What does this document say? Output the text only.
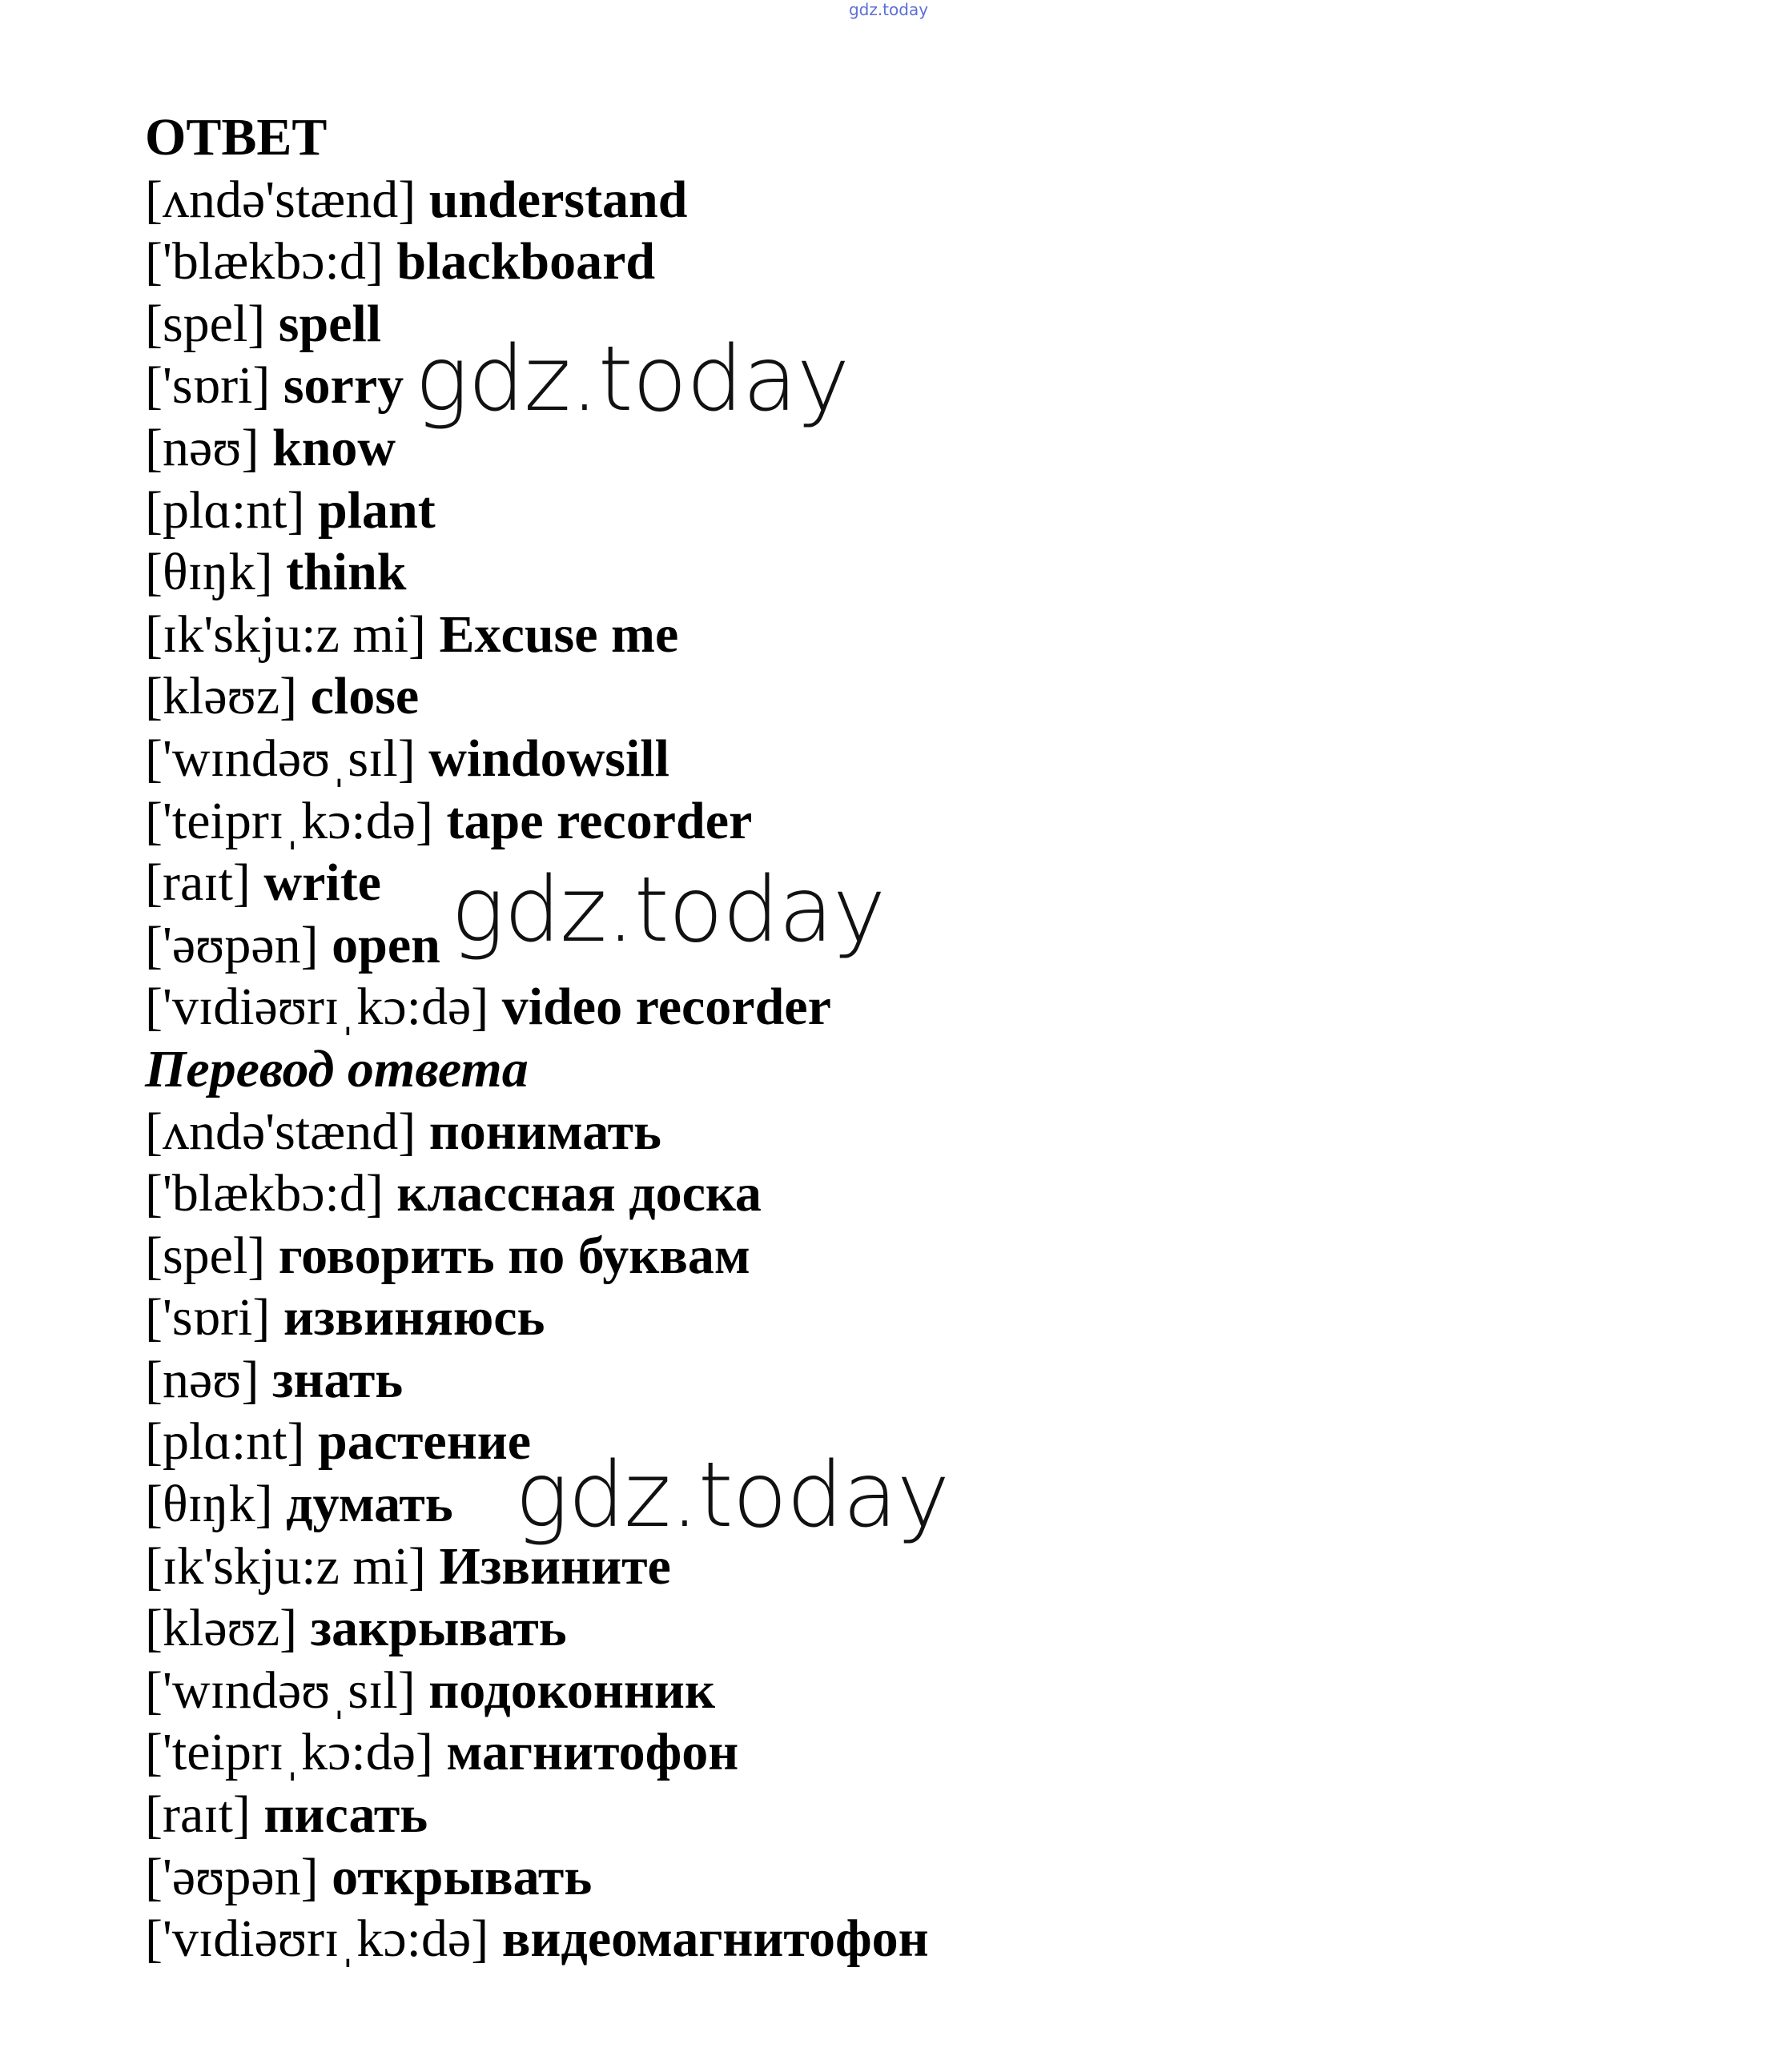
gdz.today
ОТВЕТ
[ʌndə'stænd] understand
['blækbɔ:d] blackboard
[spel] spell
['sɒri] sorry
[nəʊ] know
[plɑ:nt] plant
[θɪŋk] think
[ɪk'skju:z mi] Excuse me
[kləʊz] close
['wɪndəʊˌsɪl] windowsill
['teiprɪˌkɔ:də] tape recorder
[raɪt] write
['əʊpən] open
['vɪdiəʊrɪˌkɔ:də] video recorder
Перевод ответа
[ʌndə'stænd] понимать
['blækbɔ:d] классная доска
[spel] говорить по буквам
['sɒri] извиняюсь
[nəʊ] знать
[plɑ:nt] растение
[θɪŋk] думать
[ɪk'skju:z mi] Извините
[kləʊz] закрывать
['wɪndəʊˌsɪl] подоконник
['teiprɪˌkɔ:də] магнитофон
[raɪt] писать
['əʊpən] открывать
['vɪdiəʊrɪˌkɔ:də] видеомагнитофон
gdz.today
gdz.today
gdz.today
